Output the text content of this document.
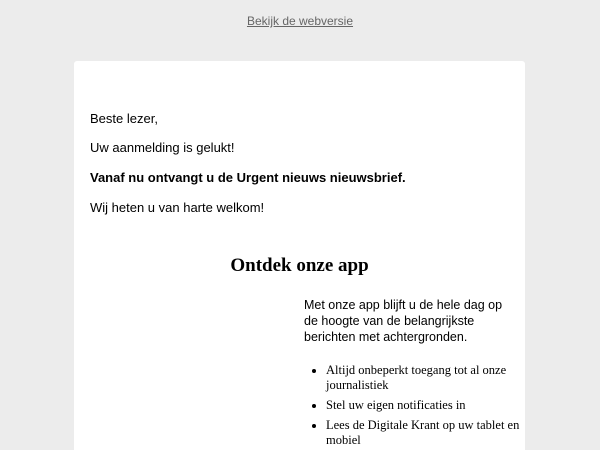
Bekijk de webversie

Beste lezer,

Uw aanmelding is gelukt!

Vanaf nu ontvangt u de Urgent nieuws nieuwsbrief.

Wij heten u van harte welkom!

Ontdek onze app

Met onze app blijft u de hele dag op de hoogte van de belangrijkste berichten met achtergronden.

• Altijd onbeperkt toegang tot al onze journalistiek
• Stel uw eigen notificaties in
• Lees de Digitale Krant op uw tablet en mobiel
